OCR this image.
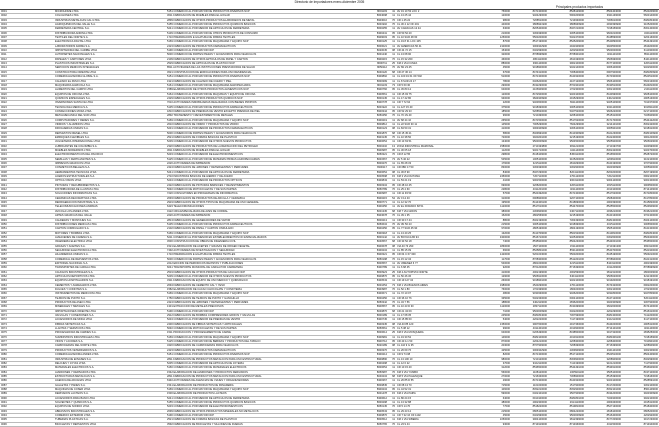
Directorio de Importadores enero-diciembre 2005
Principales productos importados
0001	MICROHOME LTDA	5151 COMERCIO AL POR MAYOR DE PRODUCTOS DIVERSOS NCP	8001103	41	AV 19 10 53 LOC 2	750000	8471300000	8528129000	8504404000	8523209000
0002	COLCHONES LTDA	3611 FABRICACION DE MUEBLES PARA EL HOGAR	8604098	11	CL 13 25 44	120000	9404290000	5903209000	3921139000	5603140000
0003	INDUSTRIAS METALICAS CALI LTDA	2899 FABRICACION DE OTROS PRODUCTOS ELABORADOS DE METAL	8903016	76	CR 1 45 22	98000	7208510000	7219330000	7306610000	8481804000
0004	AGROQUIMICOS DEL VALLE S.A.	5155 COMERCIO AL POR MAYOR DE PRODUCTOS QUIMICOS BASICOS	8001902	76	CL 30 4 12 OF 201	440000	3808921900	3808939900	2933399900	3105200000
0005	FERRETERIA CENTRAL S.A.	5241 COMERCIO AL POR MENOR DE ARTICULOS DE FERRETERIA	8600255	11	AV CARACAS 12 44	63000	8205400000	8467210000	7318159000	8301400000
0006	DISTRIBUIDORA ANDINA LTDA	5139 COMERCIO AL POR MAYOR DE OTROS PRODUCTOS DE CONSUMO	8300441	05	CR 50 52 20	210000	3304990000	3305100000	9603210000	3401110000
0007	TEXTILES DEL NORTE S.A.	1710 PREPARACION E HILATURA DE FIBRAS TEXTILES	8909003	05	CL 10 SUR 48 60	1250000	5503200000	5402470000	8448590000	3204160000
0008	ELECTRONICA DIGITAL LTDA	5169 COMERCIO AL POR MAYOR DE MAQUINARIA Y EQUIPO NCP	8300125	11	CL 19 8 31 LOC 105	87000	8517190000	8525209000	8543890000	8544491000
0009	LABORATORIOS FARMA S.A.	2423 FABRICACION DE PRODUCTOS FARMACEUTICOS	8600021	11	AV AMERICAS 56 41	2100000	3004902900	2941909000	3923500000	4819200000
0010	IMPORTADORA DEL CARIBE LTDA	5190 COMERCIO AL POR MAYOR NCP	8020045	08	CR 44 72 15	154000	6402990000	4202920000	9503000000	6110300000
0011	AUTOPARTES NACIONALES S.A.	5030 COMERCIO DE PARTES PIEZAS Y ACCESORIOS PARA VEHICULOS	8001240	11	CL 13 68 90	320000	8708999900	8708301000	4011101000	8511100000
0012	PAPELES Y CARTONES LTDA	2109 FABRICACION DE OTROS ARTICULOS DE PAPEL Y CARTON	8900215	76	CL 15 32 200	460000	4804110000	4810190000	3506990000	8441100000
0013	PLASTICOS INDUSTRIALES S.A.	2529 FABRICACION DE ARTICULOS DE PLASTICO NCP	8600711	25	KM 2 VIA FUNZA	880000	3901100000	3902100000	8477100000	3206110000
0014	SERVICIOS MEDICOS INTEGRALES	8511 ACTIVIDADES DE LAS INSTITUCIONES PRESTADORAS DE SALUD	8050112	76	AV 6N 23 45	45000	9018900000	9022140000	3006100000	9402900000
0015	CONSTRUCTORA ORIENTE LTDA	4521 CONSTRUCCION DE EDIFICACIONES PARA USO RESIDENCIAL	8040120	68	CR 27 36 14	67000	8474310000	7308400000	6907900000	8481809900
0016	COMERCIALIZADORA GLOBAL S.A.	5151 COMERCIO AL POR MAYOR DE PRODUCTOS DIVERSOS NCP	8300892	11	CL 100 19 61 OF 502	510000	8471300000	8443320000	8473300000	8523510000
0017	CALZADO EL PASO LTDA	1921 FABRICACION DE CALZADO DE CUERO Y PIEL	8600399	11	CL 8 SUR 24 17	78000	6406200000	4107120000	3506100000	5603130000
0018	MAQUINARIA AGRICOLA S.A.	5161 COMERCIO AL POR MAYOR DE MAQUINARIA AGROPECUARIA	8001133	73	CR 5 60 30	290000	8432290000	8701901000	8433510000	8424810000
0019	ALIMENTOS DEL CAMPO LTDA	1589 ELABORACION DE OTROS PRODUCTOS ALIMENTICIOS NCP	8900766	05	CL 45 80 12	640000	2106909000	1702300000	3302100000	2101110000
0020	EQUIPOS DE OFICINA LTDA	5164 COMERCIO AL POR MAYOR DE MAQUINAS Y EQUIPO DE OFICINA	8300561	11	CR 15 93 75	120000	8472900000	9403100000	8443990000	9608100000
0021	QUIMICOS ESPECIALES S.A.	2429 FABRICACION DE OTROS PRODUCTOS QUIMICOS NCP	8600145	11	CL 17 42 80	930000	3824909900	2915290000	3402119000	2905130000
0022	INVERSIONES SANTA FE LTDA	7010 ACTIVIDADES INMOBILIARIAS REALIZADAS CON BIENES PROPIOS	8300778	11	CR 7 72 64	22000	9403600000	6911100000	9405109000	7013370000
0023	TECNOLOGIA MEDICA S.A.	5135 COMERCIO AL POR MAYOR DE PRODUCTOS FARMACEUTICOS	8001922	11	CL 127 15 40	375000	9018390000	3005109000	9021100000	9018311000
0024	CONFECCIONES MODA LTDA	1810 FABRICACION DE PRENDAS DE VESTIR EXCEPTO PRENDAS DE PIEL	8900344	05	CR 52 29 33	185000	5208520000	5407520000	9606220000	6217100000
0025	METALMECANICA DEL SUR LTDA	2892 TRATAMIENTO Y REVESTIMIENTO DE METALES	8050456	76	CL 70 1N 40	96000	7210490000	3208100000	8515310000	7326909000
0026	COMPUTADORES Y REDES S.A.	5169 COMERCIO AL POR MAYOR DE MAQUINARIA Y EQUIPO NCP	8300219	11	AV 68 24 10	265000	8471500000	8517620000	8471700000	8544422000
0027	VIDRIOS Y ALUMINIOS LTDA	2610 FABRICACION DE VIDRIO Y PRODUCTOS DE VIDRIO	8600812	11	CL 22 SUR 30 11	145000	7005290000	7604299000	3214101000	8302420000
0028	DROGUERIAS UNIDAS S.A.	5231 COMERCIO AL POR MENOR DE PRODUCTOS FARMACEUTICOS	8900123	08	CL 84 50 31	410000	3004909900	3306100000	3005901000	9018310000
0029	REPUESTOS DIESEL LTDA	5030 COMERCIO DE PARTES PIEZAS Y ACCESORIOS PARA VEHICULOS	8001876	68	CR 15 45 21	58000	8409991000	8413309900	8421230000	8483109900
0030	EMPAQUES FLEXIBLES S.A.	2521 FABRICACION DE FORMAS BASICAS DE PLASTICO	8903145	76	CL 10 38 50	720000	3920201000	3215190000	8422400000	3901200000
0031	JUGUETERIA INTERNACIONAL LTDA	5239 COMERCIO AL POR MENOR DE OTROS NUEVOS PRODUCTOS	8300654	11	CR 13 63 51	134000	9503009900	9504500000	9505900000	9506629000
0032	LUBRICANTES DE COLOMBIA S.A.	2320 FABRICACION DE PRODUCTOS DE LA REFINACION DEL PETROLEO	8600432	13	ZONA INDUSTRIAL MAMONAL	1580000	2710193800	3811210000	2710193700	3403990000
0033	MUEBLES MODERNOS LTDA	3611 FABRICACION DE MUEBLES PARA EL HOGAR	8900987	05	CL 30 65 18	112000	9401710000	4411140000	8302420000	9403700000
0034	ELECTRODOMESTICOS DEL PACIFICO	5233 COMERCIO AL POR MENOR DE ELECTRODOMESTICOS	8050321	76	CR 8 12 55	298000	8418109000	8450110000	8516500000	8528720000
0035	SEMILLAS Y FERTILIZANTES S.A.	5125 COMERCIO AL POR MAYOR DE MATERIAS PRIMAS AGROPECUARIAS	8001567	73	AV 5 40 22	545000	1005100000	3105200000	1209910000	3102100000
0036	IMPRESOS GRAFICOS LTDA	2220 ACTIVIDADES DE IMPRESION	8600276	11	CL 65 28 33	176000	3215110000	4810290000	8443190000	3707900000
0037	COSMETICOS BELLEZA S.A.	2424 FABRICACION DE JABONES Y DETERGENTES Y PERFUMES	8300117	11	CR 68D 17 50	830000	3304990000	3302900000	3923309900	3305900000
0038	HERRAMIENTAS TECNICAS LTDA	5241 COMERCIO AL POR MENOR DE ARTICULOS DE FERRETERIA	8900654	08	CL 30 8 90	84000	8467290000	8204110000	8203200000	8207199000
0039	ACEROS ESTRUCTURALES S.A.	2710 INDUSTRIAS BASICAS DE HIERRO Y DE ACERO	8600598	15	KM 3 VIA DUITAMA	2450000	7207110000	2701120000	7202110000	6902100000
0040	OPTICA VISION LTDA	5234 COMERCIO AL POR MENOR DE PRODUCTOS OPTICOS	8300843	11	CL 53 21 19	41000	9001500000	9003110000	9004100000	9001300000
0041	PINTURAS Y RECUBRIMIENTOS S.A.	2422 FABRICACION DE PINTURAS BARNICES Y REVESTIMIENTOS	8600334	05	CR 48 10 45	690000	3208200000	3206110000	2815110000	3909500000
0042	DISTRIBUIDORA DE LLANTAS LTDA	5040 COMERCIO DE MOTOCICLETAS Y DE SUS PARTES	8050789	76	CL 25 4 60	228000	4011201000	4011100000	4013100000	8714109000
0043	SOLUCIONES INFORMATICAS S.A.	7220 CONSULTORES EN PROGRAMAS DE INFORMATICA	8300987	11	CR 11 93 53	57000	8523492000	8471300000	8517620000	8471800000
0044	CERAMICAS DECORATIVAS LTDA	2693 FABRICACION DE PRODUCTOS DE ARCILLA Y CERAMICA	8900215	54	AV 0 12 40	310000	6908900000	3207100000	2508400000	8417800000
0045	REFRIGERACION INDUSTRIAL S.A.	2919 FABRICACION DE OTROS TIPOS DE MAQUINARIA DE USO GENERAL	8600771	11	CL 12 32 70	195000	8414309100	8418690000	2903390000	8415820000
0046	TELECOMUNICACIONES ANDINAS	6423 TELECOMUNICACIONES	8300456	11	AV EL DORADO 68 51	1120000	8517610000	8544700000	8525500000	8529909000
0047	AVICOLA LOS ANDES LTDA	0122 CRIA ESPECIALIZADA DE AVES DE CORRAL	8001345	68	KM 7 VIA GIRON	380000	2309909000	0407110000	2936210000	8436210000
0048	ARTES GRAFICAS DEL VALLE	2220 ACTIVIDADES DE IMPRESION	8903678	76	CL 39 1 35	152000	4802569000	3215190000	8443130000	3701300000
0049	CALDERAS Y MONTAJES S.A.	2813 FABRICACION DE GENERADORES DE VAPOR	8600213	11	CR 30 17 44	88000	8402190000	7304390000	8481300000	8404100000
0050	DISTRIBUCIONES MEDICAS LTDA	5135 COMERCIO AL POR MAYOR DE PRODUCTOS FARMACEUTICOS	8050634	76	AV 3N 50 23	215000	3005109000	9018390000	4015110000	3006500000
0051	CARTON CORRUGADO S.A.	2102 FABRICACION DE PAPEL Y CARTON ONDULADO	8900456	05	CL 77 SUR 45 90	970000	4805190000	4804190000	3505100000	8441300000
0052	MOTORES Y BOMBAS LTDA	5169 COMERCIO AL POR MAYOR DE MAQUINARIA Y EQUIPO NCP	8300318	11	CL 13 40 25	132000	8413709000	8501520000	8413810000	8481804000
0053	ALMACENES DE CADENA S.A.	5211 COMERCIO AL POR MENOR EN ESTABLECIMIENTOS NO ESPECIALIZADOS	8600142	11	AV BOYACA 80 94	3400000	8516710000	9405409000	6302600000	8509400000
0054	INGENIERIA ELECTRICA LTDA	4530 CONSTRUCCION DE OBRAS DE INGENIERIA CIVIL	8040567	68	CR 33 52 18	74000	8535900000	8504230000	8544601000	8536500000
0055	GRASAS Y ACEITES S.A.	1521 ELABORACION DE ACEITES Y GRASAS DE ORIGEN VEGETAL	8900678	08	VIA 40 73 290	1860000	1507100000	1511100000	2710191300	3823110000
0056	SEGURIDAD ELECTRONICA LTDA	7492 ACTIVIDADES DE INVESTIGACION Y SEGURIDAD	8300234	11	CL 85 15 09	66000	8525801000	8531100000	8543700000	8521900000
0057	HILANDERIAS UNIDAS S.A.	1710 PREPARACION E HILATURA DE FIBRAS TEXTILES	8900321	05	CR 64 C 67 300	1420000	5201003000	5503200000	8445190000	5509210000
0058	COMERCIAL DE REPUESTOS LTDA	5030 COMERCIO DE PARTES PIEZAS Y ACCESORIOS PARA VEHICULOS	8050198	76	CL 15 12 34	117000	8708300000	8512201000	8708940000	8421310000
0059	EDITORIAL NACIONAL S.A.	2212 EDICION DE PERIODICOS REVISTAS Y PUBLICACIONES	8600567	11	AV JIMENEZ 6 77	540000	4801000000	3215110000	8443110000	4901990000
0060	TRANSPORTES DE CARGA LTDA	6041 TRANSPORTE MUNICIPAL DE CARGA POR CARRETERA	8300789	11	CL 6 68 45	92000	8701200000	8716390000	4011209000	8708999900
0061	CAUCHOS INDUSTRIALES S.A.	2519 FABRICACION DE OTROS PRODUCTOS DE CAUCHO NCP	8600923	25	KM 4 AUTOPISTA NORTE	410000	4002199000	4002590000	3812310000	2803009000
0062	ARTICULOS DEPORTIVOS LTDA	5239 COMERCIO AL POR MENOR DE OTROS NUEVOS PRODUCTOS	8900876	05	CL 50 46 36	129000	9506910000	6404110000	9506620000	6211330000
0063	EQUIPOS HOSPITALARIOS S.A.	3311 FABRICACION DE EQUIPO DE USO MEDICO Y QUIRURGICO	8300543	11	CR 19 127 34	260000	9018901000	9402100000	9019200000	9018191000
0064	CEMENTOS Y AGREGADOS LTDA	2694 FABRICACION DE CEMENTO CAL Y YESO	8001654	73	KM 1 VIA BUENOS AIRES	1980000	2523290000	2701120000	8474320000	6902200000
0065	DULCES Y CONFITES S.A.	1582 ELABORACION DE CACAO CHOCOLATE Y CONFITERIA	8903987	76	CL 52 1 80	760000	1701999000	1804000000	3302100000	1702300000
0066	INSTRUMENTOS DE MEDICION LTDA	5169 COMERCIO AL POR MAYOR DE MAQUINARIA Y EQUIPO NCP	8300671	11	CL 72 10 07	48000	9030330000	9026200000	9031800000	9027809000
0067	TEJIDOS DE PUNTO S.A.	1750 FABRICACION DE TEJIDOS DE PUNTO Y GANCHILLO	8600456	11	CR 36 10 76	335000	5402330000	6004100000	8447120000	5204110000
0068	PRODUCTOS DE ASEO LTDA	2424 FABRICACION DE JABONES Y DETERGENTES Y PERFUMES	8050342	76	CL 34 7 56	188000	3402119000	2836200000	3923309900	3307900000
0069	MINERALES Y METALES S.A.	1331 EXTRACCION DE METALES PRECIOSOS	8900567	05	CL 10 43 D 30	1120000	2837110000	8430499000	3602000000	8474100000
0070	IMPORTACIONES ORIENTE LTDA	5190 COMERCIO AL POR MAYOR NCP	8040876	68	CR 21 34 09	71000	9503009900	6402200000	4202290000	8516310000
0071	VALVULAS Y CONEXIONES S.A.	2912 FABRICACION DE BOMBAS COMPRESORES GRIFOS Y VALVULAS	8600189	11	CL 17 68 35	245000	8481804000	7307990000	8481300000	7412200000
0072	ACCESORIOS DE MODA LTDA	5234 COMERCIO AL POR MENOR DE PRENDAS DE VESTIR	8300745	11	CR 15 85 60	54000	4202220000	7117190000	9102110000	6117100000
0073	FIBRAS SINTETICAS S.A.	2430 FABRICACION DE FIBRAS SINTETICAS Y ARTIFICIALES	8900345	08	VIA 40 85 120	1350000	3907600000	2917360000	8444000000	2905310000
0074	LLANTAS Y SERVICIOS LTDA	5040 COMERCIO DE MOTOCICLETAS Y DE SUS PARTES	8050561	76	CL 5 38 12	99000	4011401000	4013900000	8714101000	4011100000
0075	PROCESADORA DE CARNES S.A.	1511 PRODUCCION Y PROCESAMIENTO DE CARNE	8600614	25	KM 6 VIA MOSQUERA	640000	0206490000	8438500000	3917320000	2835250000
0076	SUMINISTROS INDUSTRIALES LTDA	5169 COMERCIO AL POR MAYOR DE MAQUINARIA Y EQUIPO NCP	8300981	11	CL 19 30 52	146000	8482100000	4010310000	8483409100	7318159000
0077	VINOS Y LICORES S.A.	5125 COMERCIO AL POR MAYOR DE BEBIDAS Y PRODUCTOS DEL TABACO	8900712	05	CR 43 A 1 50	870000	2204210000	2208300000	2208400000	7010901000
0078	CARROCERIAS DEL NORTE LTDA	3420 FABRICACION DE CARROCERIAS PARA VEHICULOS	8020189	08	CL 110 9 G 35	203000	8707909000	7208390000	8716399000	3208909000
0079	PRODUCTOS VETERINARIOS S.A.	2423 FABRICACION DE PRODUCTOS FARMACEUTICOS	8600376	11	CL 26 69 76	425000	3004902900	2309909000	2941101000	3002309000
0080	COMERCIALIZADORA ANDES LTDA	5151 COMERCIO AL POR MAYOR DE PRODUCTOS DIVERSOS NCP	8300214	11	CR 9 74 08	82000	8471300000	8517120000	8523510000	8504409000
0081	INDUSTRIA DE ENVASES S.A.	2811 FABRICACION DE PRODUCTOS METALICOS PARA USO ESTRUCTURAL	8900890	76	CL 13 100 10	980000	7210120000	8309900000	3208909000	8462990000
0082	RELOJES Y JOYAS LTDA	5235 COMERCIO AL POR MENOR DE ARTICULOS DE JOYERIA	8300498	11	CL 12 6 22	37000	9102110000	7113190000	9101210000	7117900000
0083	MATERIALES ELECTRICOS S.A.	5166 COMERCIO AL POR MAYOR DE MATERIALES ELECTRICOS	8600654	11	CR 10 15 40	312000	8536500000	8544491000	8539310000	8536909000
0084	ALMIDONES Y DERIVADOS LTDA	1542 ELABORACION DE ALMIDONES Y PRODUCTOS DERIVADOS	8050987	76	KM 3 VIA YUMBO	560000	1108120000	1005901100	3505100000	8437100000
0085	ESTRUCTURAS METALICAS S.A.	2811 FABRICACION DE PRODUCTOS METALICOS PARA USO ESTRUCTURAL	8040234	68	KM 5 VIA PALENQUE	270000	7216330000	7308900000	8515390000	7318160000
0086	AGENCIA DE ADUANAS LTDA	6340 ACTIVIDADES DE AGENCIAS DE VIAJES Y ORGANIZADORES	8300367	11	CL 26 85 D 55	29000	8471300000	8443320000	9403100000	8528591000
0087	GALLETAS Y PANES S.A.	1541 ELABORACION DE PRODUCTOS DE PANADERIA	8600845	11	CR 68 13 70	715000	1101000000	1517900000	8417200000	3302100000
0088	MAQUINAS DE COSER LTDA	5169 COMERCIO AL POR MAYOR DE MAQUINARIA Y EQUIPO NCP	8900234	05	CL 44 52 31	106000	8452210000	8452900000	8452101000	8501109000
0089	DERIVADOS LACTEOS S.A.	1530 ELABORACION DE PRODUCTOS LACTEOS	8001478	15	KM 2 VIA PAIPA	590000	0402101000	3507909000	8434200000	3923309900
0090	ACCESORIOS PARA BANO LTDA	5241 COMERCIO AL POR MENOR DE ARTICULOS DE FERRETERIA	8300612	11	CL 80 24 15	64000	6910100000	8481801000	7324900000	3922100000
0091	SOLVENTES Y QUIMICOS S.A.	5155 COMERCIO AL POR MAYOR DE PRODUCTOS QUIMICOS BASICOS	8600298	11	CL 13 32 88	480000	2902300000	2914110000	2909430000	2915310000
0092	EQUIPOS DE SONIDO LTDA	5233 COMERCIO AL POR MENOR DE ELECTRODOMESTICOS	8050145	76	CR 5 14 70	77000	8518220000	8519810000	8527130000	8518400000
0093	ABRASIVOS INDUSTRIALES S.A.	2699 FABRICACION DE OTROS PRODUCTOS MINERALES NO METALICOS	8900543	05	CL 29 43 12	215000	6805100000	6804220000	2818100000	6805200000
0094	COMERCIO EXTERIOR LTDA	5190 COMERCIO AL POR MAYOR NCP	8300876	11	CR 7 32 16 OF 1102	45000	6402990000	9503009900	8516400000	4202920000
0095	TUBERIAS PLASTICAS S.A.	2521 FABRICACION DE FORMAS BASICAS DE PLASTICO	8600512	11	KM 1 VIA SIBERIA	1050000	3904100000	3812399000	8477209000	3917230000
0096	BICICLETAS Y REPUESTOS LTDA	3592 FABRICACION DE BICICLETAS Y SILLONES DE RUEDAS	8050765	76	CL 23 9 44	93000	8714919000	8714960000	4011500000	8714940000
